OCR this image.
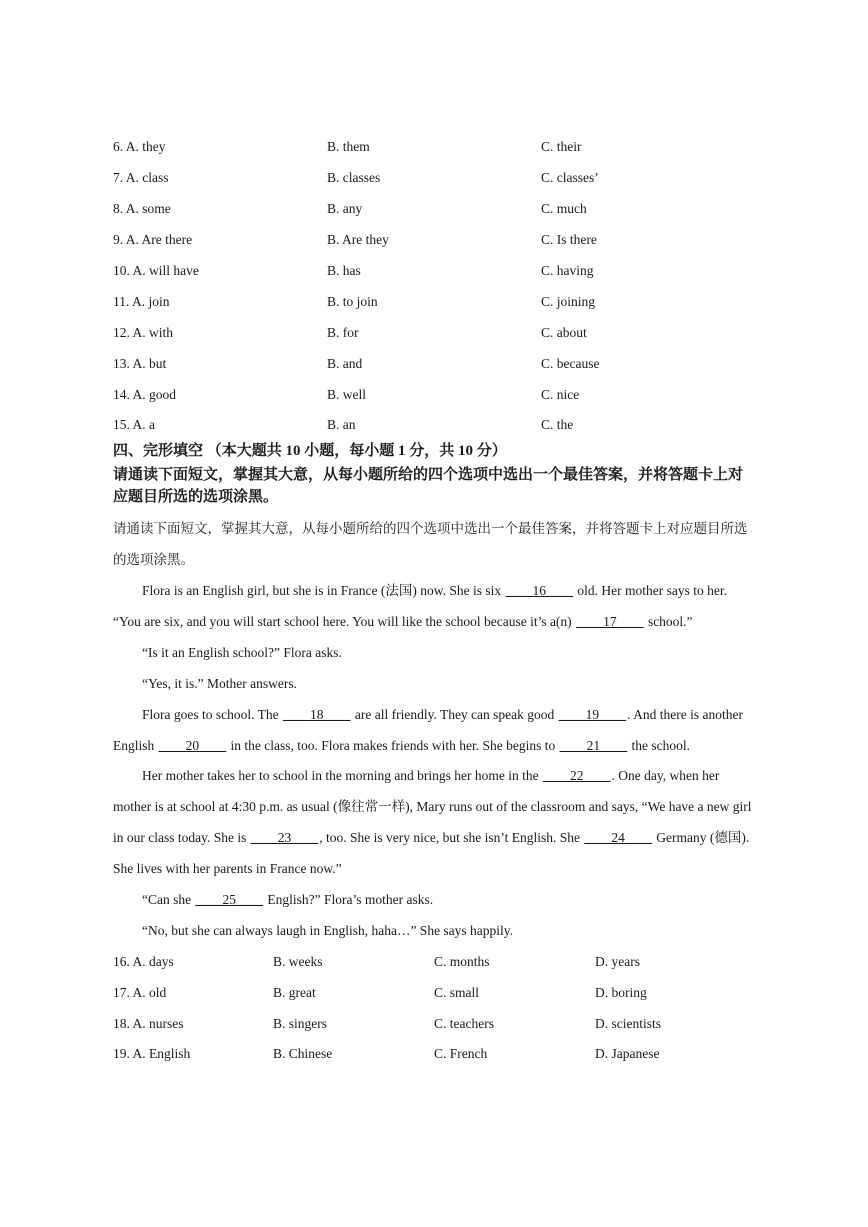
6. A. they	B. them	C. their
7. A. class	B. classes	C. classes’
8. A. some	B. any	C. much
9. A. Are there	B. Are they	C. Is there
10. A. will have	B. has	C. having
11. A. join	B. to join	C. joining
12. A. with	B. for	C. about
13. A. but	B. and	C. because
14. A. good	B. well	C. nice
15. A. a	B. an	C. the
四、完形填空 （本大题共 10 小题，每小题 1 分，共 10 分）
请通读下面短文，掌握其大意，从每小题所给的四个选项中选出一个最佳答案，并将答题卡上对应题目所选的选项涂黑。
请通读下面短文，掌握其大意，从每小题所给的四个选项中选出一个最佳答案，并将答题卡上对应题目所选的选项涂黑。
Flora is an English girl, but she is in France (法国) now. She is six ____16____ old. Her mother says to her. “You are six, and you will start school here. You will like the school because it’s a(n) ____17____ school.”
“Is it an English school?” Flora asks.
“Yes, it is.” Mother answers.
Flora goes to school. The ____18____ are all friendly. They can speak good ____19____. And there is another English ____20____ in the class, too. Flora makes friends with her. She begins to ____21____ the school.
Her mother takes her to school in the morning and brings her home in the ____22____. One day, when her mother is at school at 4:30 p.m. as usual (像往常一样), Mary runs out of the classroom and says, “We have a new girl in our class today. She is ____23____, too. She is very nice, but she isn’t English. She ____24____ Germany (德国). She lives with her parents in France now.”
“Can she ____25____ English?” Flora’s mother asks.
“No, but she can always laugh in English, haha…” She says happily.
16. A. days	B. weeks	C. months	D. years
17. A. old	B. great	C. small	D. boring
18. A. nurses	B. singers	C. teachers	D. scientists
19. A. English	B. Chinese	C. French	D. Japanese
